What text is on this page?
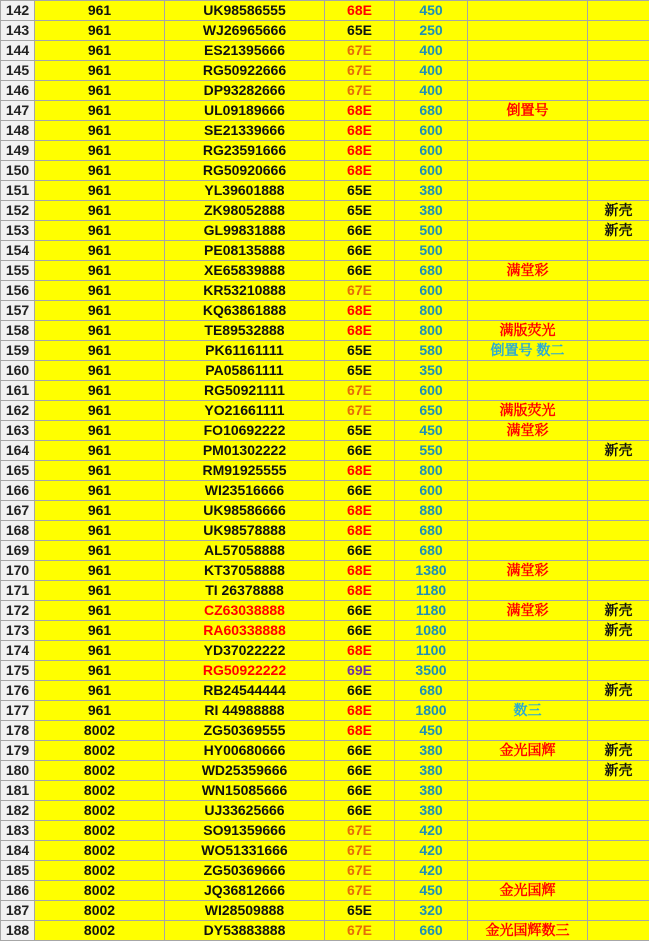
142	961	UK98586555	68E	450		
143	961	WJ26965666	65E	250		
144	961	ES21395666	67E	400		
145	961	RG50922666	67E	400		
146	961	DP93282666	67E	400		
147	961	UL09189666	68E	680	倒置号	
148	961	SE21339666	68E	600		
149	961	RG23591666	68E	600		
150	961	RG50920666	68E	600		
151	961	YL39601888	65E	380		
152	961	ZK98052888	65E	380		新壳
153	961	GL99831888	66E	500		新壳
154	961	PE08135888	66E	500		
155	961	XE65839888	66E	680	满堂彩	
156	961	KR53210888	67E	600		
157	961	KQ63861888	68E	800		
158	961	TE89532888	68E	800	满版荧光	
159	961	PK61161111	65E	580	倒置号 数二	
160	961	PA05861111	65E	350		
161	961	RG50921111	67E	600		
162	961	YO21661111	67E	650	满版荧光	
163	961	FO10692222	65E	450	满堂彩	
164	961	PM01302222	66E	550		新壳
165	961	RM91925555	68E	800		
166	961	WI23516666	66E	600		
167	961	UK98586666	68E	880		
168	961	UK98578888	68E	680		
169	961	AL57058888	66E	680		
170	961	KT37058888	68E	1380	满堂彩	
171	961	TI 26378888	68E	1180		
172	961	CZ63038888	66E	1180	满堂彩	新壳
173	961	RA60338888	66E	1080		新壳
174	961	YD37022222	68E	1100		
175	961	RG50922222	69E	3500		
176	961	RB24544444	66E	680		新壳
177	961	RI 44988888	68E	1800	数三	
178	8002	ZG50369555	68E	450		
179	8002	HY00680666	66E	380	金光国辉	新壳
180	8002	WD25359666	66E	380		新壳
181	8002	WN15085666	66E	380		
182	8002	UJ33625666	66E	380		
183	8002	SO91359666	67E	420		
184	8002	WO51331666	67E	420		
185	8002	ZG50369666	67E	420		
186	8002	JQ36812666	67E	450	金光国辉	
187	8002	WI28509888	65E	320		
188	8002	DY53883888	67E	660	金光国辉数三	
